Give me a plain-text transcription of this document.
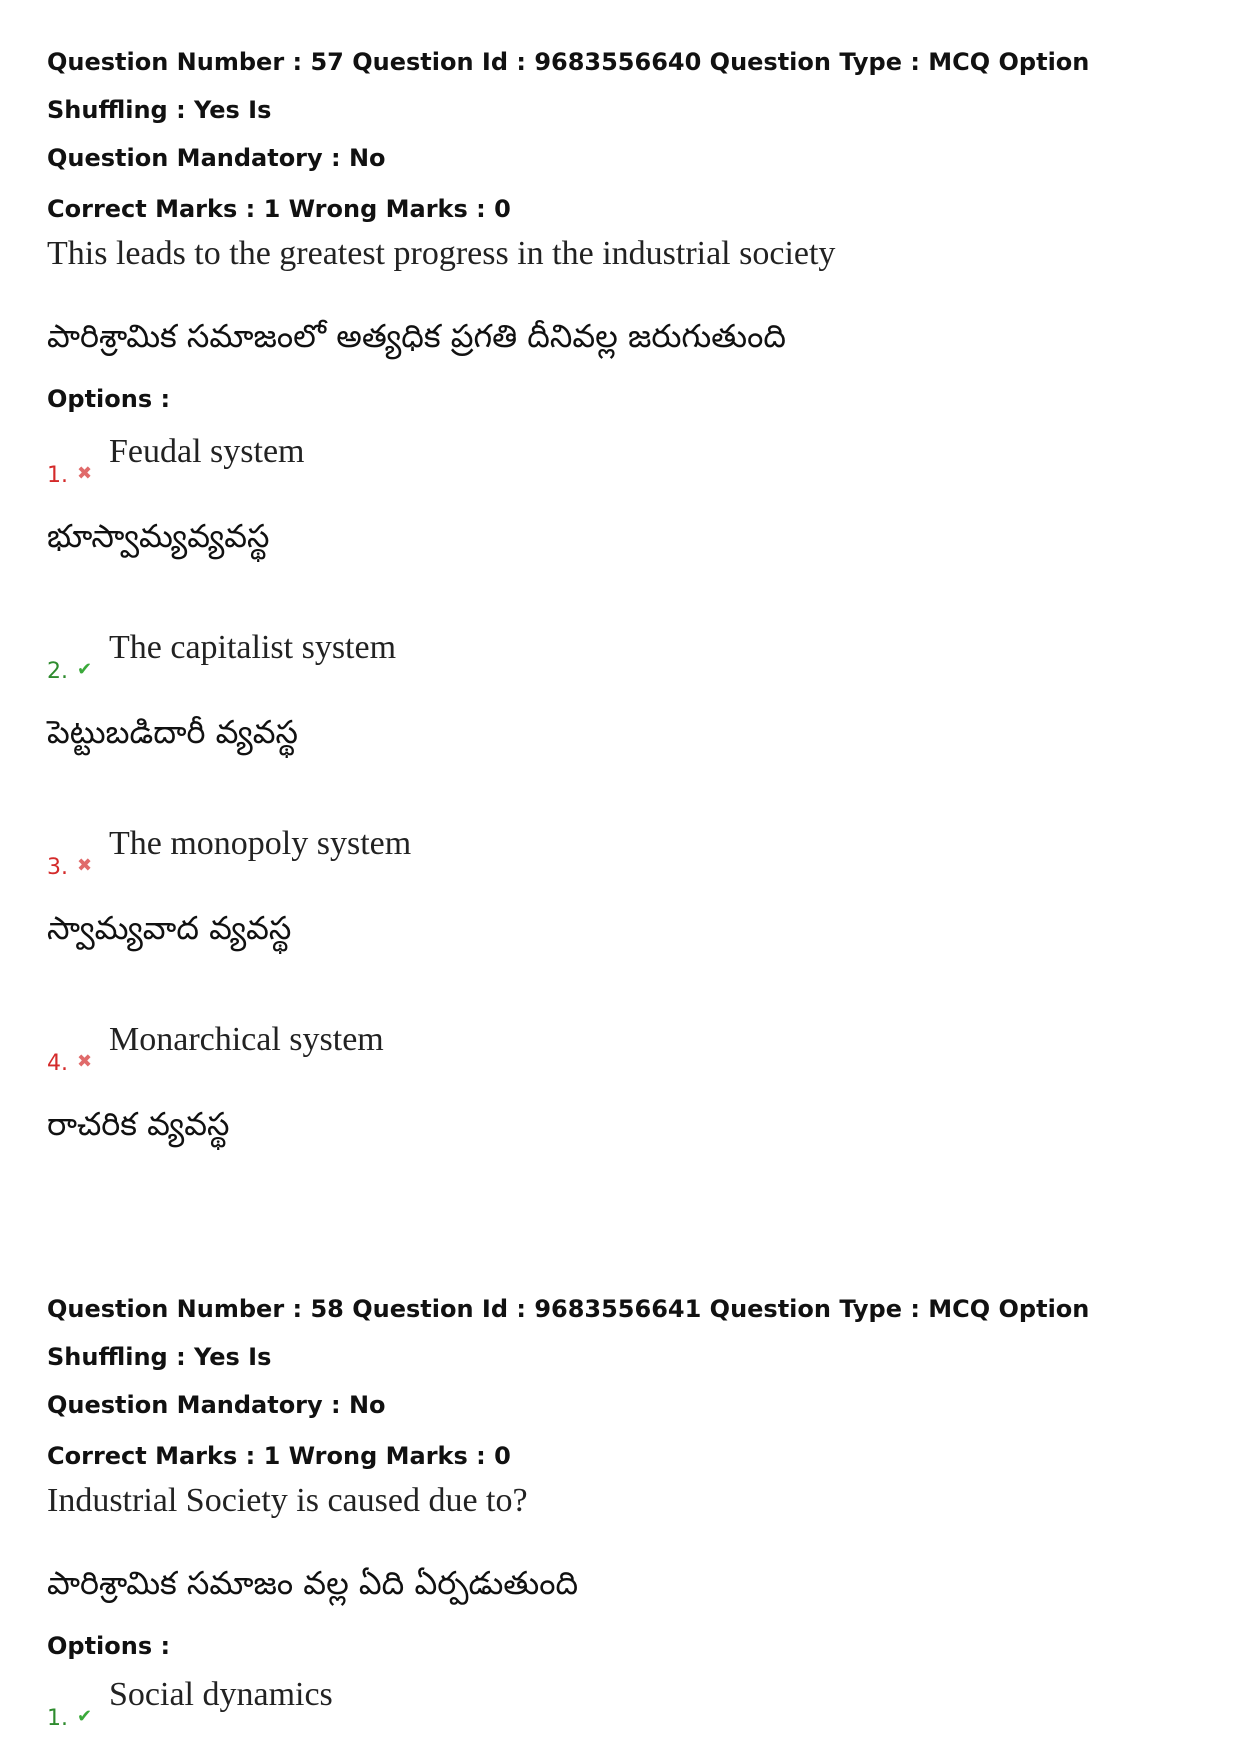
Question Number : 57 Question Id : 9683556640 Question Type : MCQ Option Shuffling : Yes Is
Question Mandatory : No
Correct Marks : 1 Wrong Marks : 0
This leads to the greatest progress in the industrial society
పారిశ్రామిక సమాజంలో అత్యధిక ప్రగతి దీనివల్ల జరుగుతుంది
Options :
1. ✖
Feudal system
భూస్వామ్యవ్యవస్థ
2. ✔
The capitalist system
పెట్టుబడిదారీ వ్యవస్థ
3. ✖
The monopoly system
స్వామ్యవాద వ్యవస్థ
4. ✖
Monarchical system
రాచరిక వ్యవస్థ
Question Number : 58 Question Id : 9683556641 Question Type : MCQ Option Shuffling : Yes Is
Question Mandatory : No
Correct Marks : 1 Wrong Marks : 0
Industrial Society is caused due to?
పారిశ్రామిక సమాజం వల్ల ఏది ఏర్పడుతుంది
Options :
1. ✔
Social dynamics
